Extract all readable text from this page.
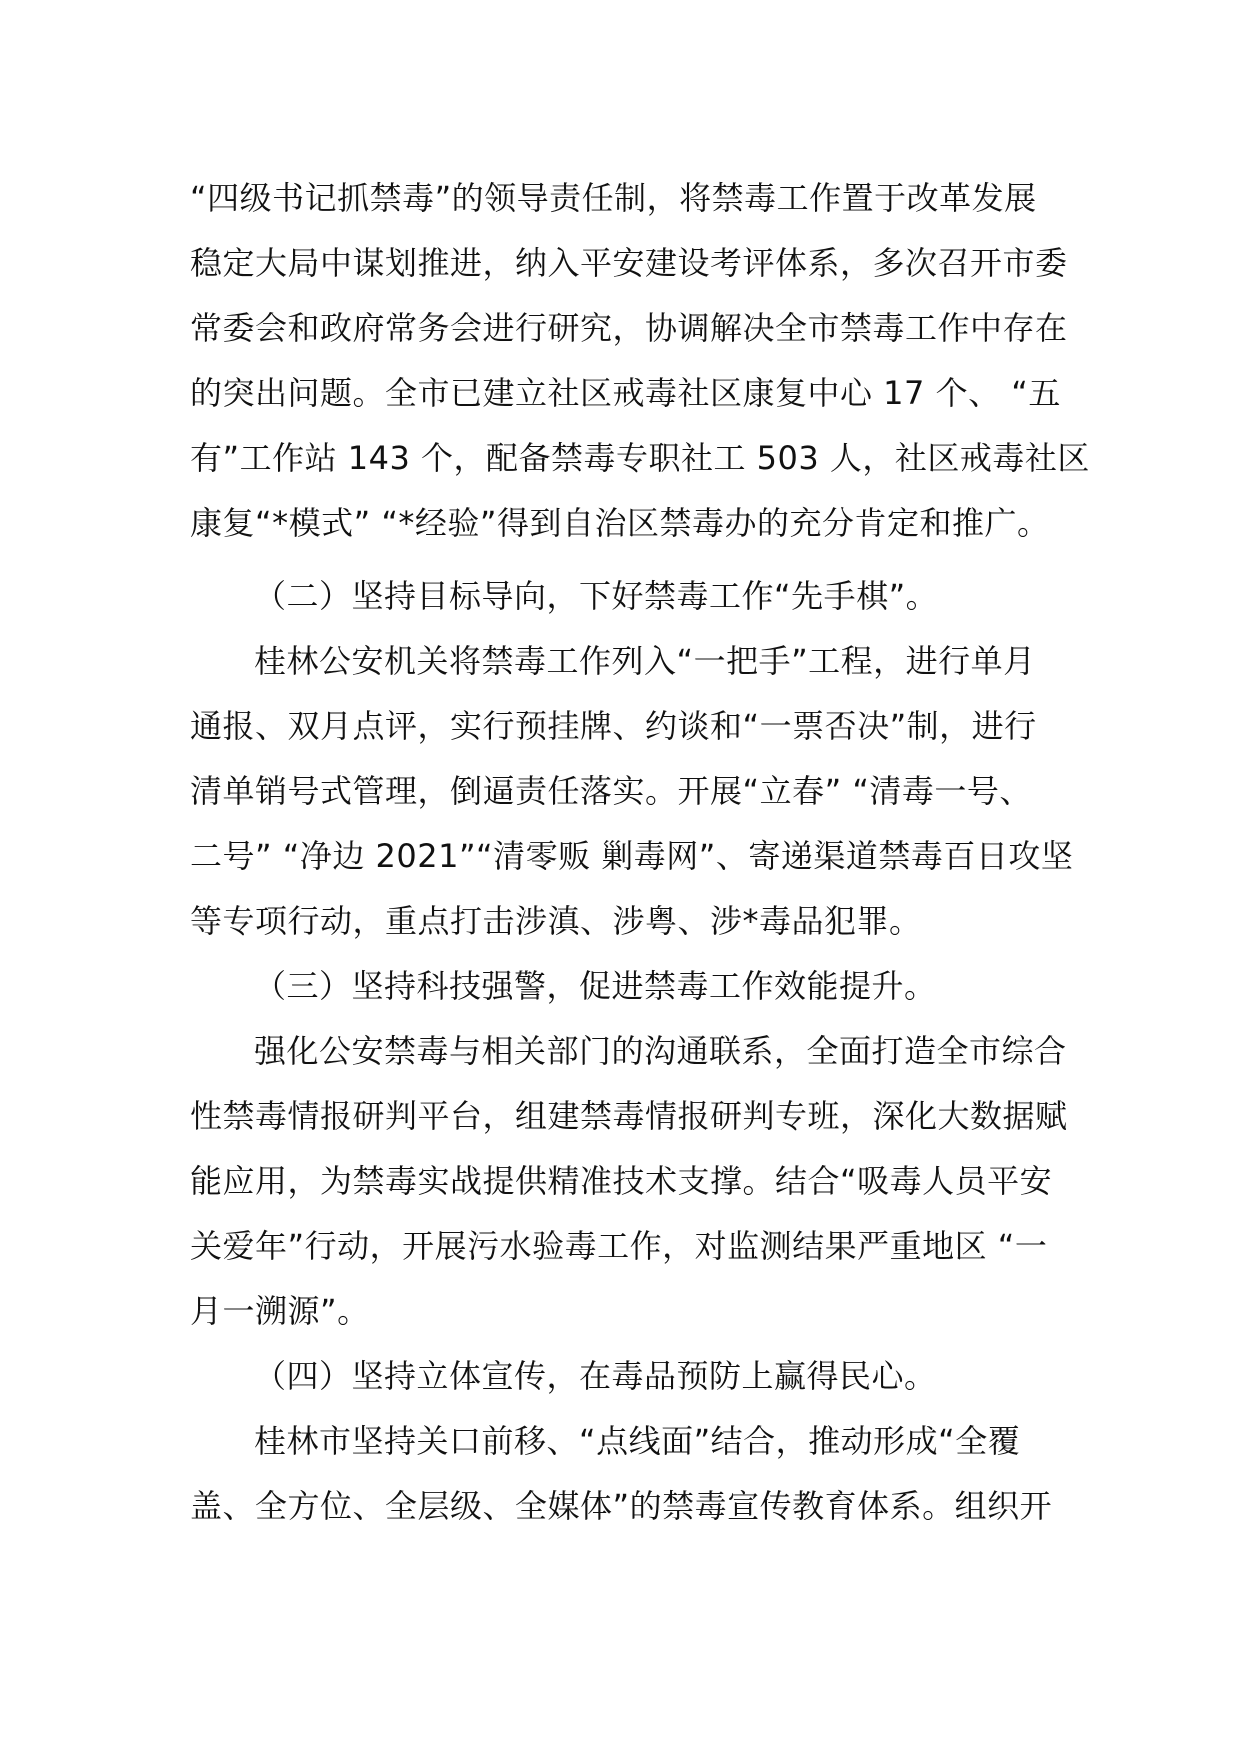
“四级书记抓禁毒”的领导责任制，将禁毒工作置于改革发展
稳定大局中谋划推进，纳入平安建设考评体系，多次召开市委
常委会和政府常务会进行研究，协调解决全市禁毒工作中存在
的突出问题。全市已建立社区戒毒社区康复中心 17 个、 “五
有”工作站 143 个，配备禁毒专职社工 503 人，社区戒毒社区
康复“*模式” “*经验”得到自治区禁毒办的充分肯定和推广。
（二）坚持目标导向，下好禁毒工作“先手棋”。
桂林公安机关将禁毒工作列入“一把手”工程，进行单月
通报、双月点评，实行预挂牌、约谈和“一票否决”制，进行
清单销号式管理，倒逼责任落实。开展“立春” “清毒一号、
二号” “净边 2021”“清零贩 剿毒网”、寄递渠道禁毒百日攻坚
等专项行动，重点打击涉滇、涉粤、涉*毒品犯罪。
（三）坚持科技强警，促进禁毒工作效能提升。
强化公安禁毒与相关部门的沟通联系，全面打造全市综合
性禁毒情报研判平台，组建禁毒情报研判专班，深化大数据赋
能应用，为禁毒实战提供精准技术支撑。结合“吸毒人员平安
关爱年”行动，开展污水验毒工作，对监测结果严重地区 “一
月一溯源”。
（四）坚持立体宣传，在毒品预防上赢得民心。
桂林市坚持关口前移、“点线面”结合，推动形成“全覆
盖、全方位、全层级、全媒体”的禁毒宣传教育体系。组织开
